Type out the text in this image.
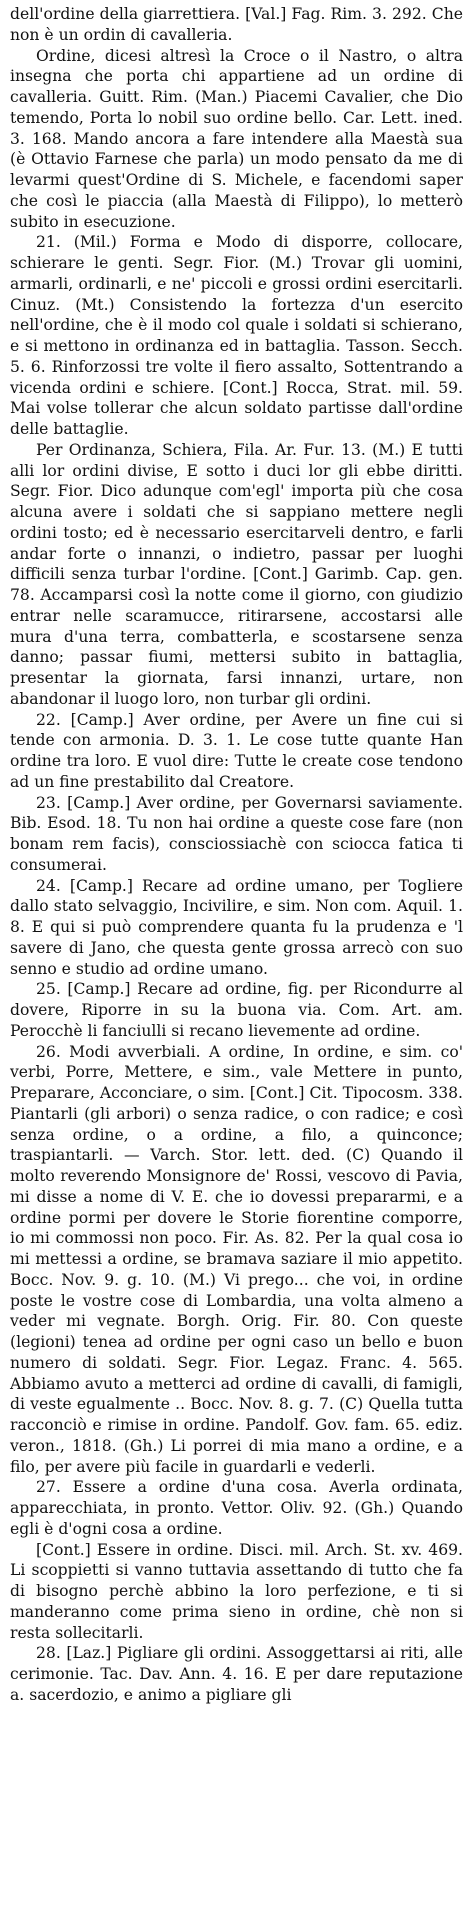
dell'ordine della giarrettiera. [Val.] Fag. Rim. 3. 292. Che non è un ordin di cavalleria.

Ordine, dicesi altresì la Croce o il Nastro, o altra insegna che porta chi appartiene ad un ordine di cavalleria. Guitt. Rim. (Man.) Piacemi Cavalier, che Dio temendo, Porta lo nobil suo ordine bello. Car. Lett. ined. 3. 168. Mando ancora a fare intendere alla Maestà sua (è Ottavio Farnese che parla) un modo pensato da me di levarmi quest'Ordine di S. Michele, e facendomi saper che così le piaccia (alla Maestà di Filippo), lo metterò subito in esecuzione.

21. (Mil.) Forma e Modo di disporre, collocare, schierare le genti. Segr. Fior. (M.) Trovar gli uomini, armarli, ordinarli, e ne' piccoli e grossi ordini esercitarli. Cinuz. (Mt.) Consistendo la fortezza d'un esercito nell'ordine, che è il modo col quale i soldati si schierano, e si mettono in ordinanza ed in battaglia. Tasson. Secch. 5. 6. Rinforzossi tre volte il fiero assalto, Sottentrando a vicenda ordini e schiere. [Cont.] Rocca, Strat. mil. 59. Mai volse tollerar che alcun soldato partisse dall'ordine delle battaglie.

Per Ordinanza, Schiera, Fila. Ar. Fur. 13. (M.) E tutti alli lor ordini divise, E sotto i duci lor gli ebbe diritti. Segr. Fior. Dico adunque com'egl' importa più che cosa alcuna avere i soldati che si sappiano mettere negli ordini tosto; ed è necessario esercitarveli dentro, e farli andar forte o innanzi, o indietro, passar per luoghi difficili senza turbar l'ordine. [Cont.] Garimb. Cap. gen. 78. Accamparsi così la notte come il giorno, con giudizio entrar nelle scaramucce, ritirarsene, accostarsi alle mura d'una terra, combatterla, e scostarsene senza danno; passar fiumi, mettersi subito in battaglia, presentar la giornata, farsi innanzi, urtare, non abandonar il luogo loro, non turbar gli ordini.

22. [Camp.] Aver ordine, per Avere un fine cui si tende con armonia. D. 3. 1. Le cose tutte quante Han ordine tra loro. E vuol dire: Tutte le create cose tendono ad un fine prestabilito dal Creatore.

23. [Camp.] Aver ordine, per Governarsi saviamente. Bib. Esod. 18. Tu non hai ordine a queste cose fare (non bonam rem facis), consciossiachè con sciocca fatica ti consumerai.

24. [Camp.] Recare ad ordine umano, per Togliere dallo stato selvaggio, Incivilire, e sim. Non com. Aquil. 1. 8. E qui si può comprendere quanta fu la prudenza e 'l savere di Jano, che questa gente grossa arrecò con suo senno e studio ad ordine umano.

25. [Camp.] Recare ad ordine, fig. per Ricondurre al dovere, Riporre in su la buona via. Com. Art. am. Perocchè li fanciulli si recano lievemente ad ordine.

26. Modi avverbiali. A ordine, In ordine, e sim. co' verbi, Porre, Mettere, e sim., vale Mettere in punto, Preparare, Acconciare, o sim. [Cont.] Cit. Tipocosm. 338. Piantarli (gli arbori) o senza radice, o con radice; e così senza ordine, o a ordine, a filo, a quinconce; traspiantarli. — Varch. Stor. lett. ded. (C) Quando il molto reverendo Monsignore de' Rossi, vescovo di Pavia, mi disse a nome di V. E. che io dovessi prepararmi, e a ordine pormi per dovere le Storie fiorentine comporre, io mi commossi non poco. Fir. As. 82. Per la qual cosa io mi mettessi a ordine, se bramava saziare il mio appetito. Bocc. Nov. 9. g. 10. (M.) Vi prego... che voi, in ordine poste le vostre cose di Lombardia, una volta almeno a veder mi vegnate. Borgh. Orig. Fir. 80. Con queste (legioni) tenea ad ordine per ogni caso un bello e buon numero di soldati. Segr. Fior. Legaz. Franc. 4. 565. Abbiamo avuto a metterci ad ordine di cavalli, di famigli, di veste egualmente .. Bocc. Nov. 8. g. 7. (C) Quella tutta racconciò e rimise in ordine. Pandolf. Gov. fam. 65. ediz. veron., 1818. (Gh.) Li porrei di mia mano a ordine, e a filo, per avere più facile in guardarli e vederli.

27. Essere a ordine d'una cosa. Averla ordinata, apparecchiata, in pronto. Vettor. Oliv. 92. (Gh.) Quando egli è d'ogni cosa a ordine.

[Cont.] Essere in ordine. Disci. mil. Arch. St. xv. 469. Li scoppietti si vanno tuttavia assettando di tutto che fa di bisogno perchè abbino la loro perfezione, e ti si manderanno come prima sieno in ordine, chè non si resta sollecitarli.

28. [Laz.] Pigliare gli ordini. Assoggettarsi ai riti, alle cerimonie. Tac. Dav. Ann. 4. 16. E per dare reputazione a. sacerdozio, e animo a pigliare gli
